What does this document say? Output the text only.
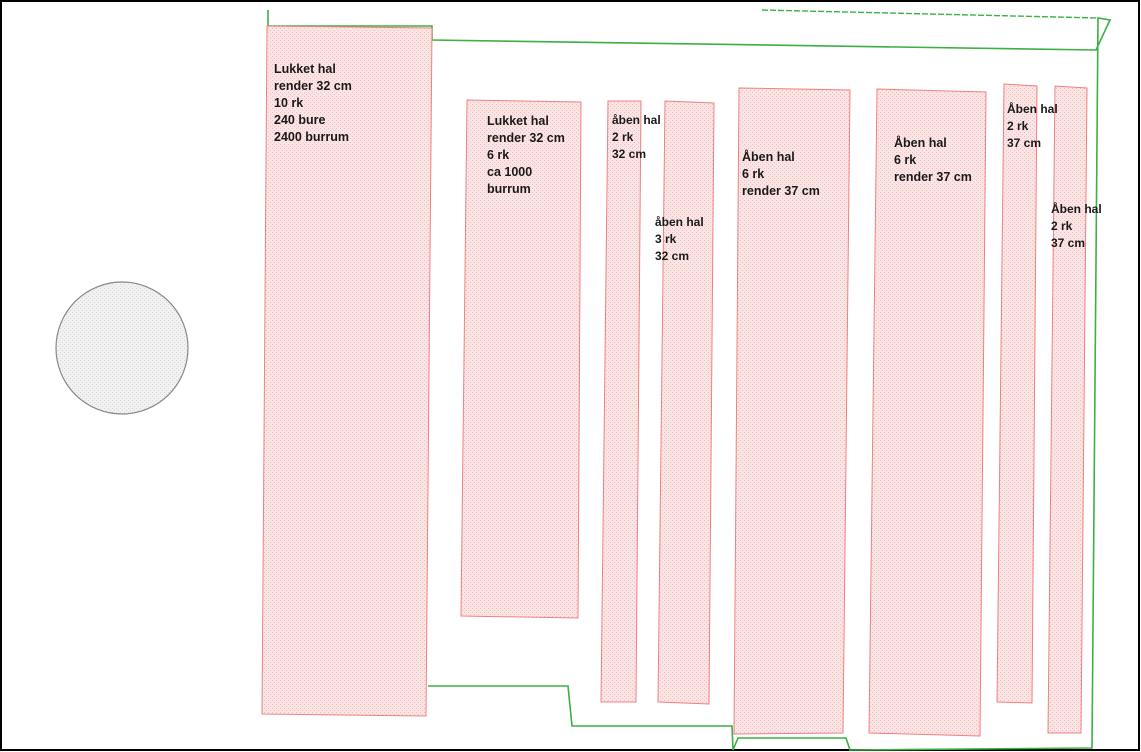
Lukket hal
render 32 cm
10 rk
240 bure
2400 burrum
Lukket hal
render 32 cm
6 rk
ca 1000
burrum
åben hal
2 rk
32 cm
åben hal
3 rk
32 cm
Åben hal
6 rk
render 37 cm
Åben hal
6 rk
render 37 cm
Åben hal
2 rk
37 cm
Åben hal
2 rk
37 cm
